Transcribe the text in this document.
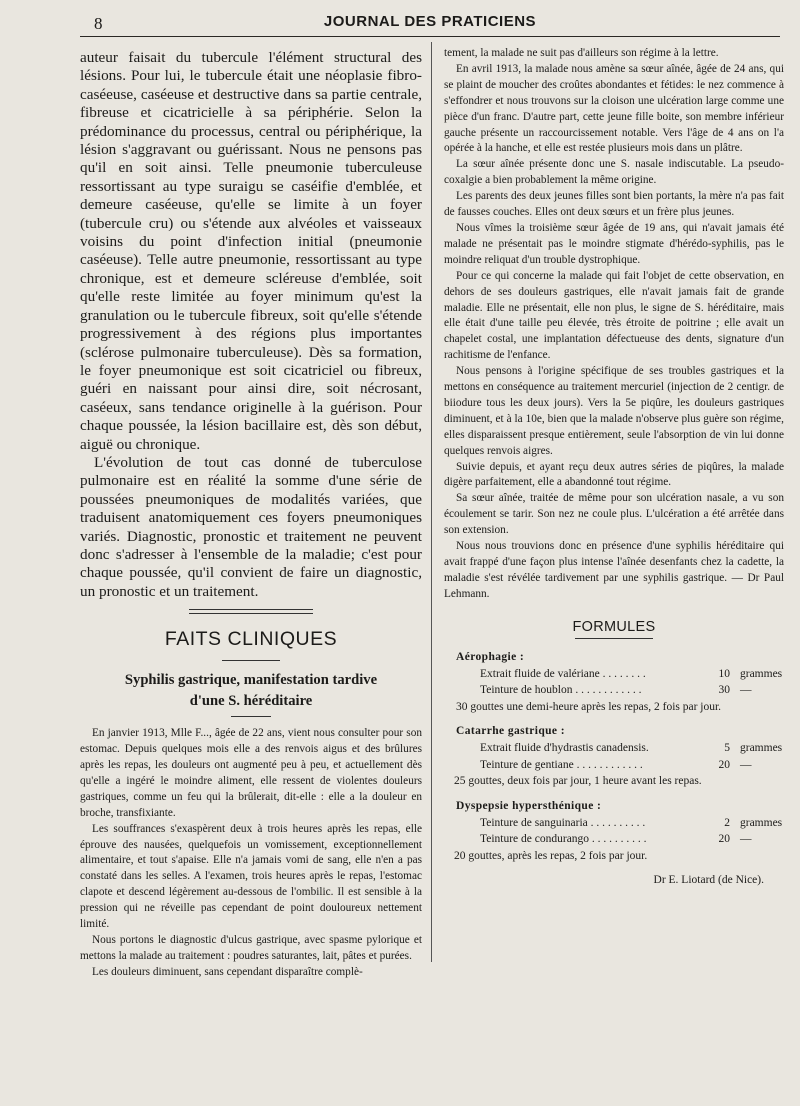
8	JOURNAL DES PRATICIENS

auteur faisait du tubercule l'élément structural des lésions. Pour lui, le tubercule était une néoplasie fibro-caséeuse, caséeuse et destructive dans sa partie centrale, fibreuse et cicatricielle à sa périphérie. Selon la prédominance du processus, central ou périphérique, la lésion s'aggravant ou guérissant. Nous ne pensons pas qu'il en soit ainsi. Telle pneumonie tuberculeuse ressortissant au type suraigu se caséifie d'emblée, et demeure caséeuse, qu'elle se limite à un foyer (tubercule cru) ou s'étende aux alvéoles et vaisseaux voisins du point d'infection initial (pneumonie caséeuse). Telle autre pneumonie, ressortissant au type chronique, est et demeure scléreuse d'emblée, soit qu'elle reste limitée au foyer minimum qu'est la granulation ou le tubercule fibreux, soit qu'elle s'étende progressivement à des régions plus importantes (sclérose pulmonaire tuberculeuse). Dès sa formation, le foyer pneumonique est soit cicatriciel ou fibreux, guéri en naissant pour ainsi dire, soit nécrosant, caséeux, sans tendance originelle à la guérison. Pour chaque poussée, la lésion bacillaire est, dès son début, aiguë ou chronique.

L'évolution de tout cas donné de tuberculose pulmonaire est en réalité la somme d'une série de poussées pneumoniques de modalités variées, que traduisent anatomiquement ces foyers pneumoniques variés. Diagnostic, pronostic et traitement ne peuvent donc s'adresser à l'ensemble de la maladie; c'est pour chaque poussée, qu'il convient de faire un diagnostic, un pronostic et un traitement.

FAITS CLINIQUES
Syphilis gastrique, manifestation tardive
d'une S. héréditaire

En janvier 1913, Mlle F..., âgée de 22 ans, vient nous consulter pour son estomac. Depuis quelques mois elle a des renvois aigus et des brûlures après les repas, les douleurs ont augmenté peu à peu, et actuellement dès qu'elle a ingéré le moindre aliment, elle ressent de violentes douleurs gastriques, comme un feu qui la brûlerait, dit-elle : elle a la douleur en broche, transfixiante.

Les souffrances s'exaspèrent deux à trois heures après les repas, elle éprouve des nausées, quelquefois un vomissement, exceptionnellement alimentaire, et tout s'apaise. Elle n'a jamais vomi de sang, elle n'en a pas constaté dans les selles. A l'examen, trois heures après le repas, l'estomac clapote et descend légèrement au-dessous de l'ombilic. Il est sensible à la pression qui ne réveille pas cependant de point douloureux nettement limité.

Nous portons le diagnostic d'ulcus gastrique, avec spasme pylorique et mettons la malade au traitement : poudres saturantes, lait, pâtes et purées.

Les douleurs diminuent, sans cependant disparaître complè-

tement, la malade ne suit pas d'ailleurs son régime à la lettre.

En avril 1913, la malade nous amène sa sœur aînée, âgée de 24 ans, qui se plaint de moucher des croûtes abondantes et fétides: le nez commence à s'effondrer et nous trouvons sur la cloison une ulcération large comme une pièce d'un franc. D'autre part, cette jeune fille boite, son membre inférieur gauche présente un raccourcissement notable. Vers l'âge de 4 ans on l'a opérée à la hanche, et elle est restée plusieurs mois dans un plâtre.

La sœur aînée présente donc une S. nasale indiscutable. La pseudo-coxalgie a bien probablement la même origine.

Les parents des deux jeunes filles sont bien portants, la mère n'a pas fait de fausses couches. Elles ont deux sœurs et un frère plus jeunes.

Nous vîmes la troisième sœur âgée de 19 ans, qui n'avait jamais été malade ne présentait pas le moindre stigmate d'hérédo-syphilis, pas le moindre reliquat d'un trouble dystrophique.

Pour ce qui concerne la malade qui fait l'objet de cette observation, en dehors de ses douleurs gastriques, elle n'avait jamais fait de grande maladie. Elle ne présentait, elle non plus, le signe de S. héréditaire, mais elle était d'une taille peu élevée, très étroite de poitrine ; elle avait un chapelet costal, une implantation défectueuse des dents, signature d'un rachitisme de l'enfance.

Nous pensons à l'origine spécifique de ses troubles gastriques et la mettons en conséquence au traitement mercuriel (injection de 2 centigr. de biiodure tous les deux jours). Vers la 5e piqûre, les douleurs gastriques diminuent, et à la 10e, bien que la malade n'observe plus guère son régime, elles disparaissent presque entièrement, seule l'absorption de vin lui donne quelques renvois aigres.

Suivie depuis, et ayant reçu deux autres séries de piqûres, la malade digère parfaitement, elle a abandonné tout régime.

Sa sœur aînée, traitée de même pour son ulcération nasale, a vu son écoulement se tarir. Son nez ne coule plus. L'ulcération a été arrêtée dans son extension.

Nous nous trouvions donc en présence d'une syphilis héréditaire qui avait frappé d'une façon plus intense l'aînée desenfants chez la cadette, la maladie s'est révélée tardivement par une syphilis gastrique. — Dr Paul Lehmann.

FORMULES
Aérophagie :
Extrait fluide de valériane . . . . . . . .	10 grammes
Teinture de houblon . . . . . . . . . . . .	30 —
30 gouttes une demi-heure après les repas, 2 fois par jour.
Catarrhe gastrique :
Extrait fluide d'hydrastis canadensis.	5 grammes
Teinture de gentiane . . . . . . . . . . . .	20 —
25 gouttes, deux fois par jour, 1 heure avant les repas.
Dyspepsie hypersthénique :
Teinture de sanguinaria . . . . . . . . . .	2 grammes
Teinture de condurango . . . . . . . . . .	20 —
20 gouttes, après les repas, 2 fois par jour.
Dr E. Liotard (de Nice).
